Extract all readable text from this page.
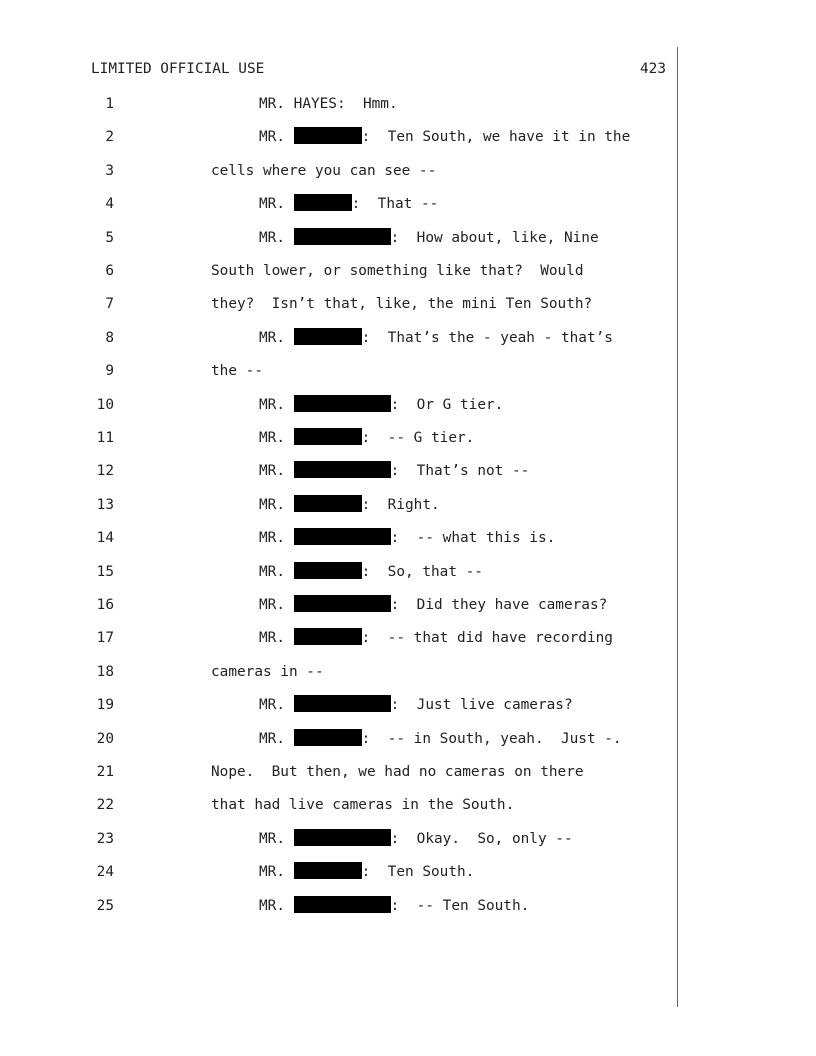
LIMITED OFFICIAL USE	423
1	MR. HAYES: Hmm.
2	MR.	: Ten South, we have it in the
3	cells where you can see --
4	MR.	: That --
5	MR.	: How about, like, Nine
6	South lower, or something like that?  Would
7	they?  Isn’t that, like, the mini Ten South?
8	MR.	: That’s the - yeah - that’s
9	the --
10	MR.	: Or G tier.
11	MR.	: -- G tier.
12	MR.	: That’s not --
13	MR.	: Right.
14	MR.	: -- what this is.
15	MR.	: So, that --
16	MR.	: Did they have cameras?
17	MR.	: -- that did have recording
18	cameras in --
19	MR.	: Just live cameras?
20	MR.	: -- in South, yeah.  Just -.
21	Nope.  But then, we had no cameras on there
22	that had live cameras in the South.
23	MR.	: Okay.  So, only --
24	MR.	: Ten South.
25	MR.	: -- Ten South.
